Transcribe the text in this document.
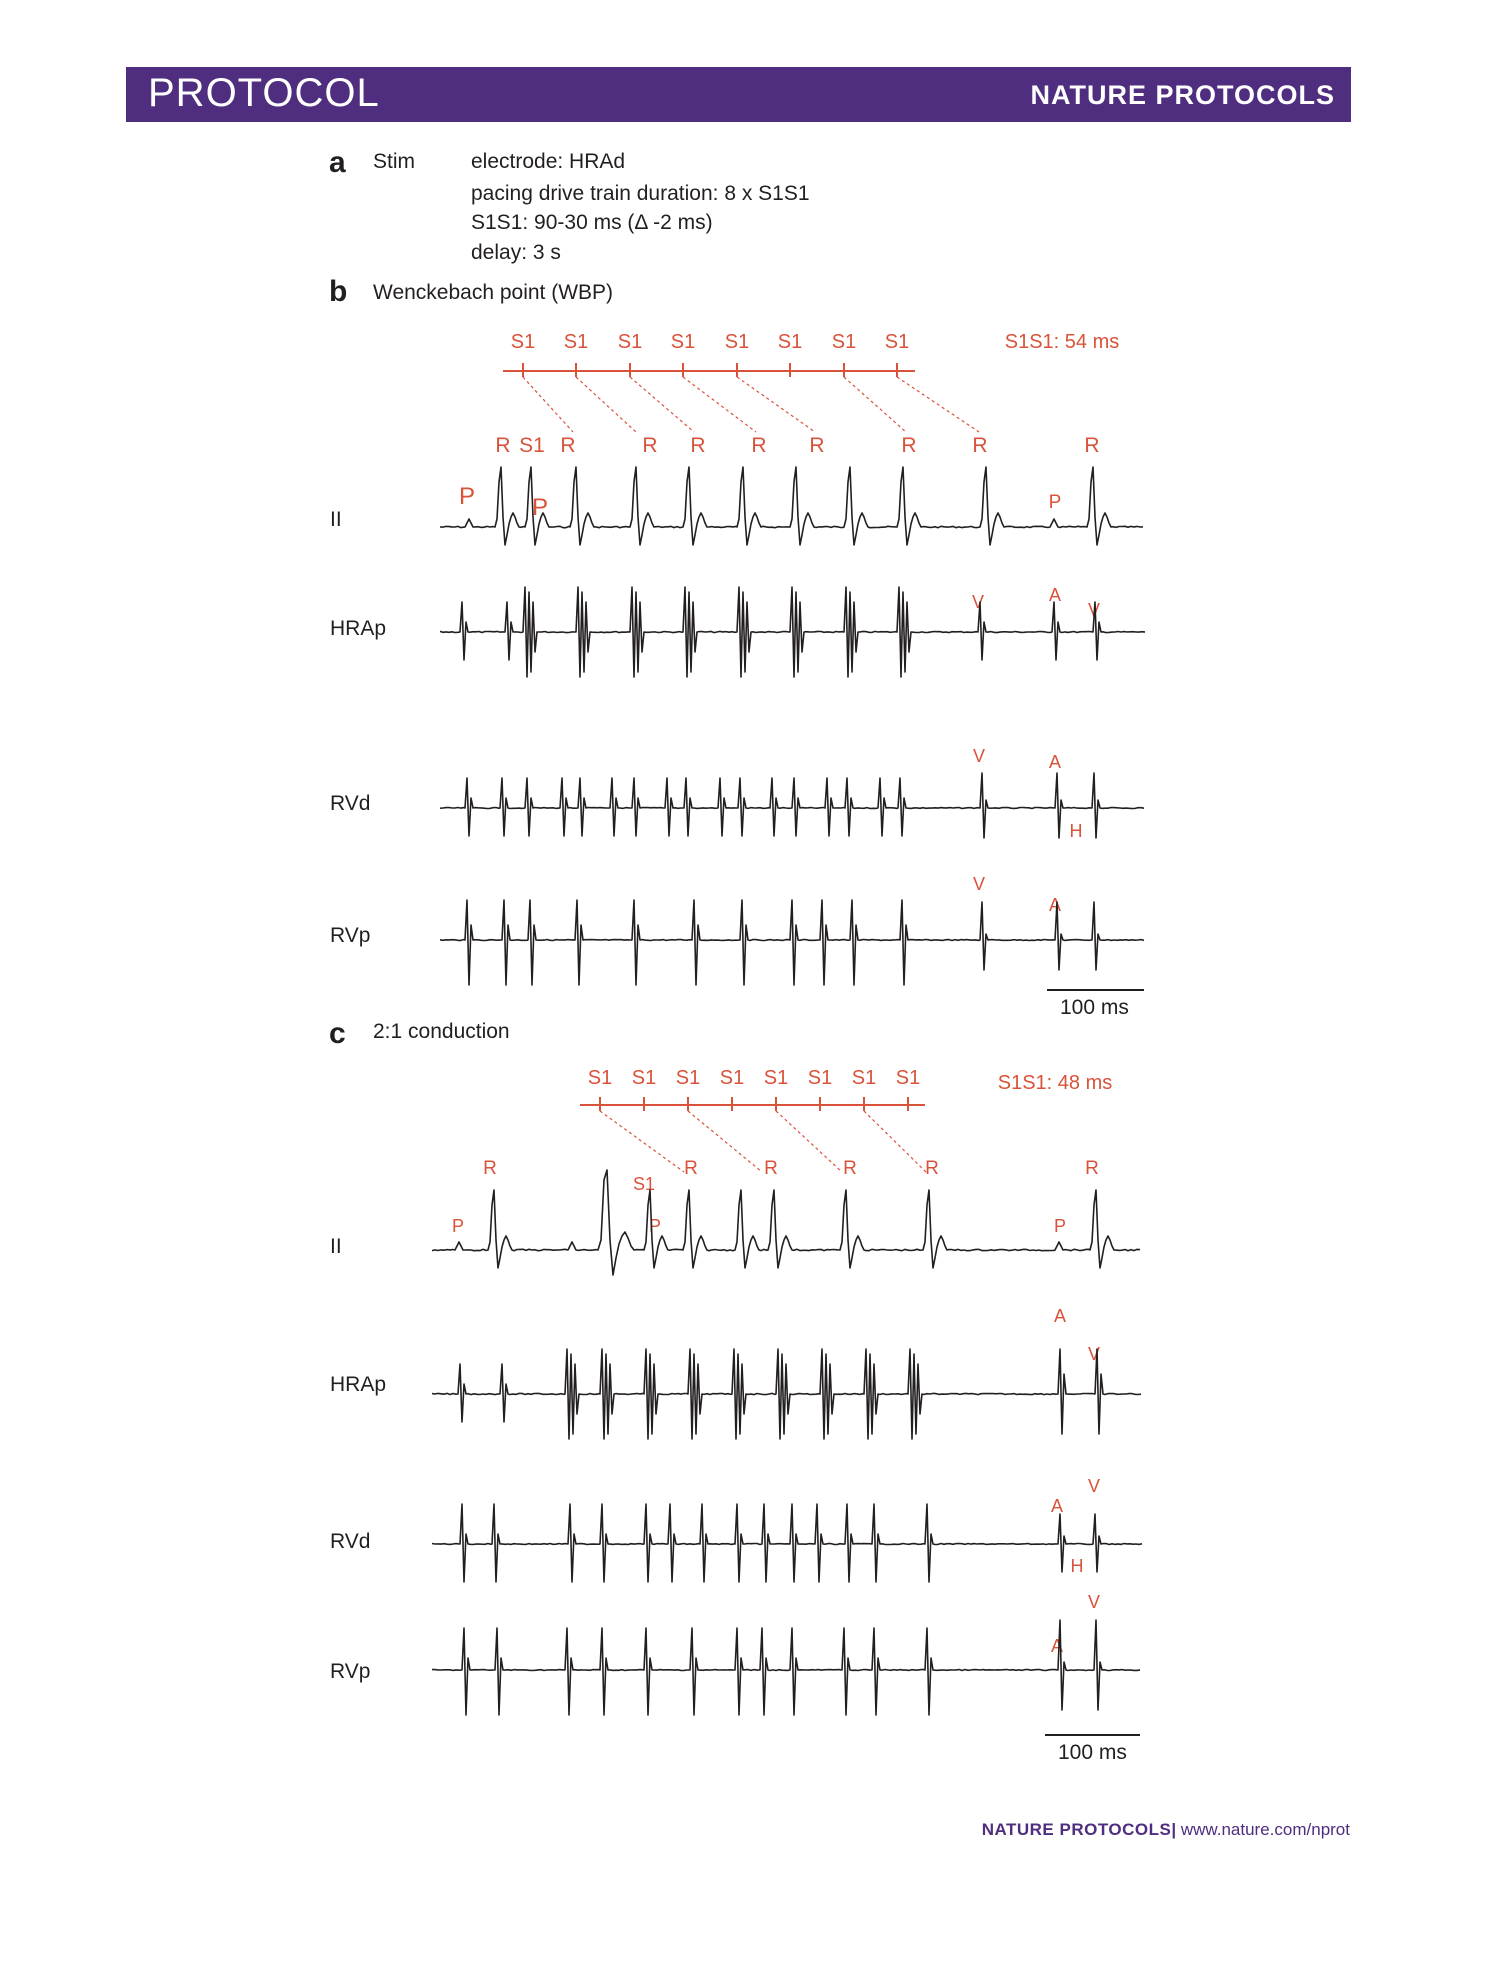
PROTOCOL	NATURE PROTOCOLS
a Stim	electrode: HRAd
pacing drive train duration: 8 x S1S1
S1S1: 90-30 ms (Δ -2 ms)
delay: 3 s
b Wenckebach point (WBP)
II
HRAp
RVd
RVp
100 ms
c 2:1 conduction
II
HRAp
RVd
RVp
100 ms
S1 S1 S1 S1 S1 S1 S1 S1	S1S1: 54 ms
R S1 R	R R R R	R	R	R
P P	P
V	A
V
V	A
H
V
A
S1 S1 S1 S1 S1 S1 S1 S1	S1S1: 48 ms
R	R	R	R	R	R
S1
P	P	P
A
V
V
A
H
V
A
NATURE PROTOCOLS| www.nature.com/nprot
